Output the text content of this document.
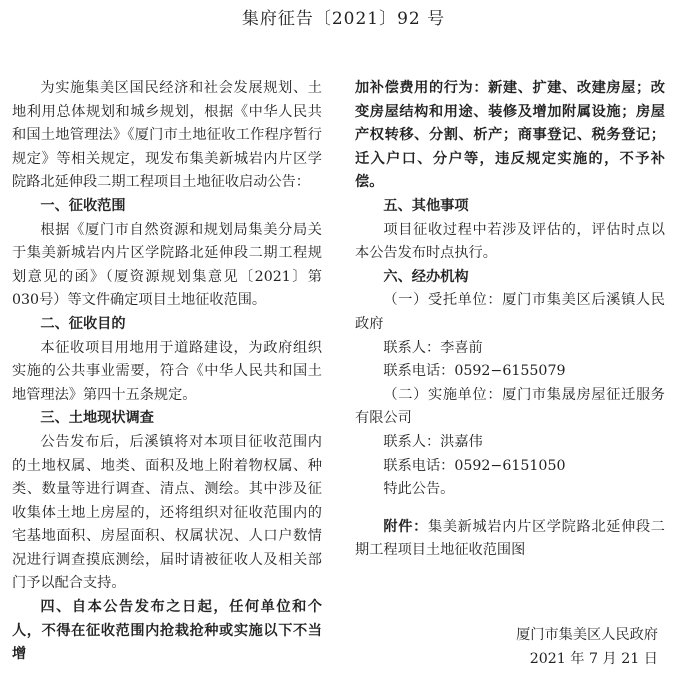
集府征告〔2021〕92 号

为实施集美区国民经济和社会发展规划、土地利用总体规划和城乡规划，根据《中华人民共和国土地管理法》《厦门市土地征收工作程序暂行规定》等相关规定，现发布集美新城岩内片区学院路北延伸段二期工程项目土地征收启动公告：

一、征收范围

根据《厦门市自然资源和规划局集美分局关于集美新城岩内片区学院路北延伸段二期工程规划意见的函》（厦资源规划集意见〔2021〕第030号）等文件确定项目土地征收范围。

二、征收目的

本征收项目用地用于道路建设，为政府组织实施的公共事业需要，符合《中华人民共和国土地管理法》第四十五条规定。

三、土地现状调查

公告发布后，后溪镇将对本项目征收范围内的土地权属、地类、面积及地上附着物权属、种类、数量等进行调查、清点、测绘。其中涉及征收集体土地上房屋的，还将组织对征收范围内的宅基地面积、房屋面积、权属状况、人口户数情况进行调查摸底测绘，届时请被征收人及相关部门予以配合支持。

四、自本公告发布之日起，任何单位和个人，不得在征收范围内抢栽抢种或实施以下不当增

加补偿费用的行为：新建、扩建、改建房屋；改变房屋结构和用途、装修及增加附属设施；房屋产权转移、分割、析产；商事登记、税务登记；迁入户口、分户等，违反规定实施的，不予补偿。

五、其他事项

项目征收过程中若涉及评估的，评估时点以本公告发布时点执行。

六、经办机构

（一）受托单位：厦门市集美区后溪镇人民政府

联系人：李喜前

联系电话：0592−6155079

（二）实施单位：厦门市集晟房屋征迁服务有限公司

联系人：洪嘉伟

联系电话：0592−6151050

特此公告。

附件：集美新城岩内片区学院路北延伸段二期工程项目土地征收范围图

厦门市集美区人民政府
2021 年 7 月 21 日
